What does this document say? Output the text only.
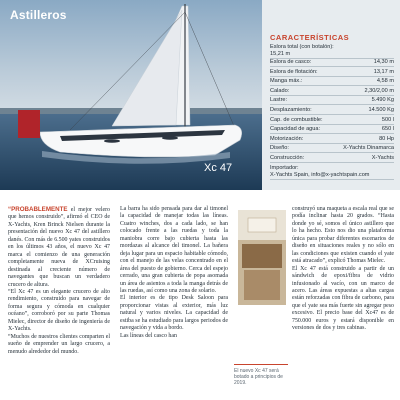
Astilleros
Xc 47
CARACTERÍSTICAS
Eslora total (con botalón):
15,21 m
Eslora de casco:	14,30 m
Eslora de flotación:	13,17 m
Manga máx.:	4,58 m
Calado:	2,30/2,00 m
Lastre:	5.490 Kg
Desplazamiento:	14.500 Kg
Cap. de combustible:	500 l
Capacidad de agua:	650 l
Motorización:	80 Hp
Diseño:	X-Yachts Dinamarca
Construcción:	X-Yachts
Importador:
X-Yachts Spain, info@x-yachtspain.com

“PROBABLEMENTE el mejor velero que hemos construido”, afirmó el CEO de X-Yachts, Kren Brinck Nielsen durante la presentación del nuevo Xc 47 del astillero danés. Con más de 6.500 yates construidos en los últimos 43 años, el nuevo Xc 47 marca el comienzo de una generación completamente nueva de XCruising destinada al creciente número de navegantes que buscan un verdadero crucero de altura.

“El Xc 47 es un elegante crucero de alto rendimiento, construido para navegar de forma segura y cómoda en cualquier océano”, corroboró por su parte Thomas Mielec, director de diseño de ingeniería de X-Yachts.

“Muchos de nuestros clientes comparten el sueño de emprender un largo crucero, a menudo alrededor del mundo.

La barra ha sido pensada para dar al timonel la capacidad de manejar todas las líneas. Cuatro winches, dos a cada lado, se han colocado frente a las ruedas y toda la maniobra corre bajo cubierta hasta las mordazas al alcance del timonel. La bañera deja lugar para un espacio habitable cómodo, con el manejo de las velas concentrado en el área del puesto de gobierno. Cerca del espejo cerrado, una gran cubierta de popa asomada un área de asientos a toda la manga detrás de las ruedas, así como una zona de solario.

El interior es de tipo Desk Saloon para proporcionar vistas al exterior, más luz natural y varios niveles. La capacidad de estiba se ha estudiado para largos periodos de navegación y vida a bordo.

Las líneas del casco han

El nuevo Xc 47 será botado a principios de 2019.

construyó una maqueta a escala real que se podía inclinar hasta 20 grados. “Hasta donde yo sé, somos el único astillero que lo ha hecho. Esto nos dio una plataforma única para probar diferentes escenarios de diseño en situaciones reales y no sólo en las condiciones que existen cuando el yate está atracado”, explicó Thomas Mielec.

El Xc 47 está construido a partir de un sándwich de epoxi/fibra de vidrio infusionado al vacío, con un marco de acero. Las áreas expuestas a altas cargas están reforzadas con fibra de carbono, para que el yate sea más fuerte sin agregar peso excesivo. El precio base del Xc47 es de 750.000 euros y estará disponible en versiones de dos y tres cabinas.
